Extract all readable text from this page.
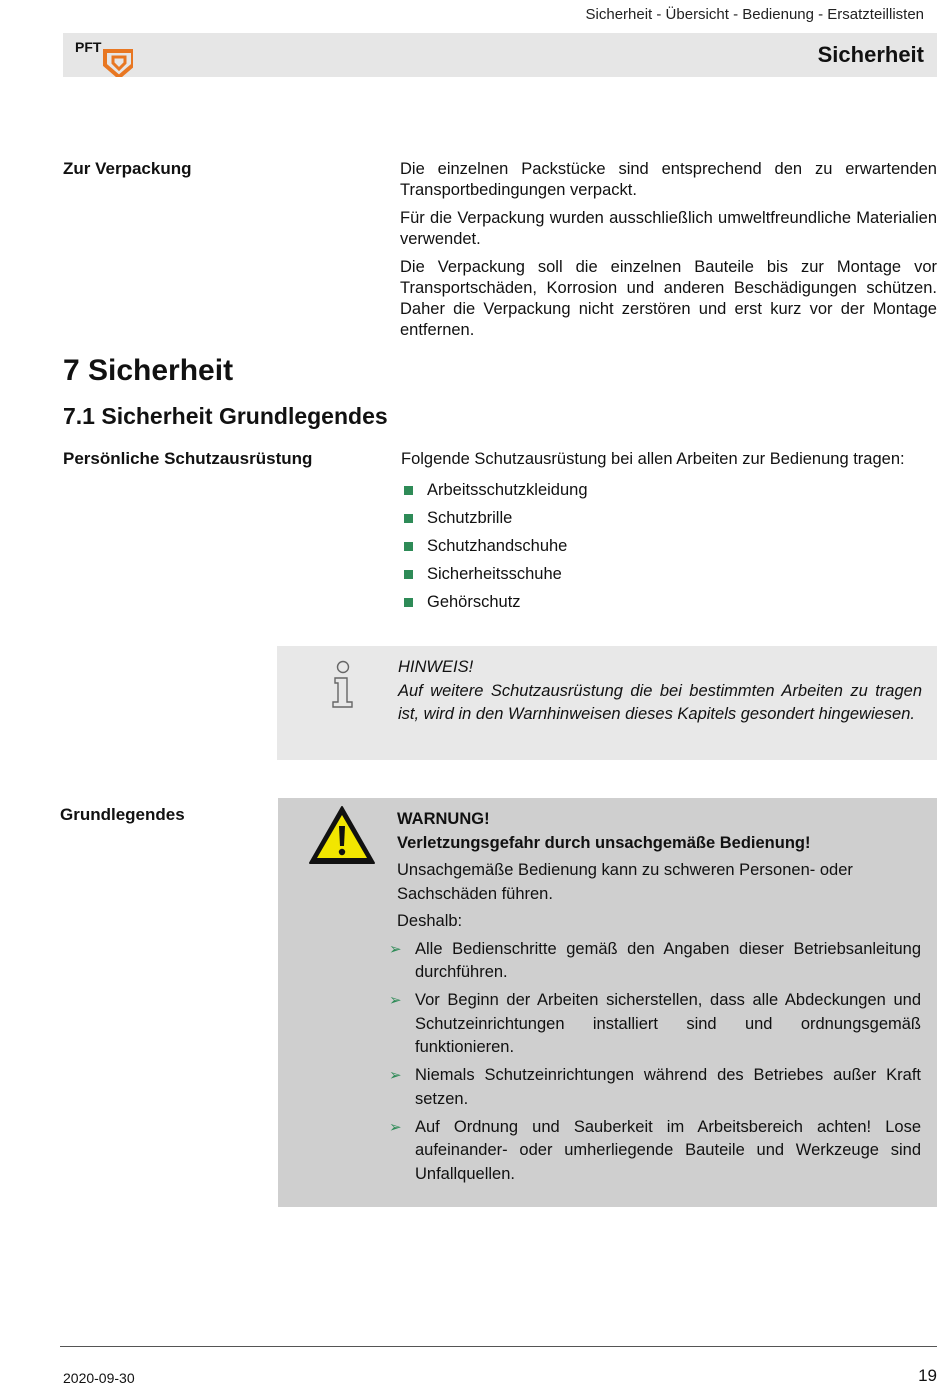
Sicherheit - Übersicht - Bedienung - Ersatzteillisten
PFT	Sicherheit
Zur Verpackung	Die einzelnen Packstücke sind entsprechend den zu erwartenden Transportbedingungen verpackt.

Für die Verpackung wurden ausschließlich umweltfreundliche Materialien verwendet.

Die Verpackung soll die einzelnen Bauteile bis zur Montage vor Transportschäden, Korrosion und anderen Beschädigungen schützen. Daher die Verpackung nicht zerstören und erst kurz vor der Montage entfernen.

7 Sicherheit
7.1 Sicherheit Grundlegendes
Persönliche Schutzausrüstung	Folgende Schutzausrüstung bei allen Arbeiten zur Bedienung tragen:
Arbeitsschutzkleidung
Schutzbrille
Schutzhandschuhe
Sicherheitsschuhe
Gehörschutz
HINWEIS!
Auf weitere Schutzausrüstung die bei bestimmten Arbeiten zu tragen ist, wird in den Warnhinweisen dieses Kapitels gesondert hingewiesen.
Grundlegendes	WARNUNG!

Verletzungsgefahr durch unsachgemäße Bedienung!

Unsachgemäße Bedienung kann zu schweren Personen- oder Sachschäden führen.

Deshalb:

➢ Alle Bedienschritte gemäß den Angaben dieser Betriebsanleitung durchführen.
➢ Vor Beginn der Arbeiten sicherstellen, dass alle Abdeckungen und Schutzeinrichtungen installiert sind und ordnungsgemäß funktionieren.
➢ Niemals Schutzeinrichtungen während des Betriebes außer Kraft setzen.
➢ Auf Ordnung und Sauberkeit im Arbeitsbereich achten! Lose aufeinander- oder umherliegende Bauteile und Werkzeuge sind Unfallquellen.
2020-09-30	19
